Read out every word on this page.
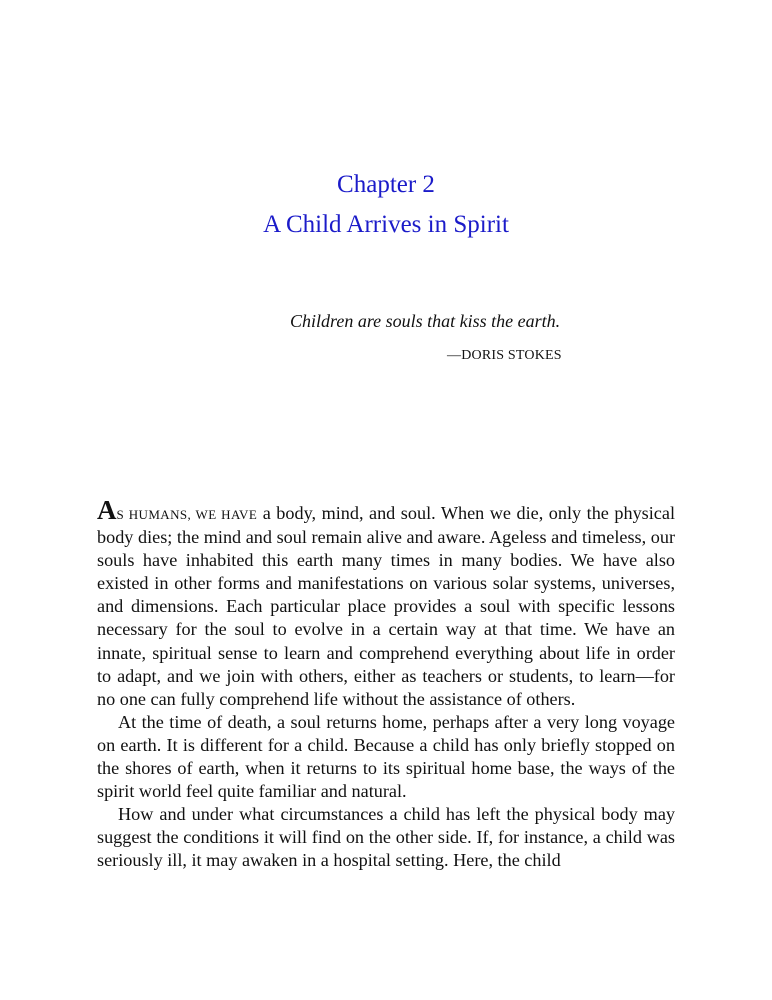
Chapter 2
A Child Arrives in Spirit
Children are souls that kiss the earth.
—DORIS STOKES

AS HUMANS, WE HAVE a body, mind, and soul. When we die, only the physical body dies; the mind and soul remain alive and aware. Ageless and timeless, our souls have inhabited this earth many times in many bodies. We have also existed in other forms and manifestations on various solar systems, universes, and dimensions. Each particular place provides a soul with specific lessons necessary for the soul to evolve in a certain way at that time. We have an innate, spiritual sense to learn and comprehend everything about life in order to adapt, and we join with others, either as teachers or students, to learn—for no one can fully comprehend life without the assistance of others.

At the time of death, a soul returns home, perhaps after a very long voyage on earth. It is different for a child. Because a child has only briefly stopped on the shores of earth, when it returns to its spiritual home base, the ways of the spirit world feel quite familiar and natural.

How and under what circumstances a child has left the physical body may suggest the conditions it will find on the other side. If, for instance, a child was seriously ill, it may awaken in a hospital setting. Here, the child
